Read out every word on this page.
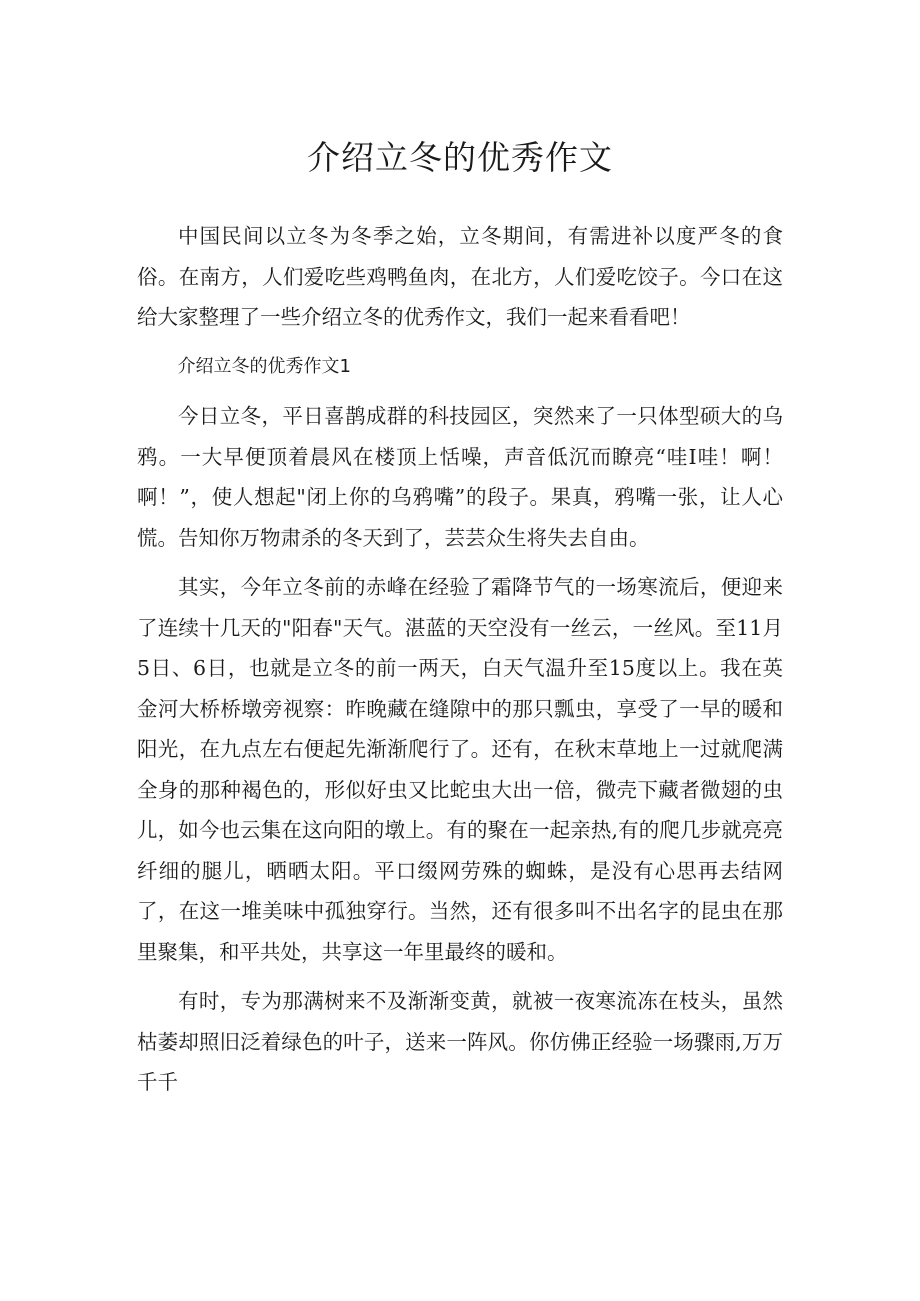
介绍立冬的优秀作文

中国民间以立冬为冬季之始，立冬期间，有需进补以度严冬的食俗。在南方，人们爱吃些鸡鸭鱼肉，在北方，人们爱吃饺子。今口在这给大家整理了一些介绍立冬的优秀作文，我们一起来看看吧！

介绍立冬的优秀作文1

今日立冬，平日喜鹊成群的科技园区，突然来了一只体型硕大的乌鸦。一大早便顶着晨风在楼顶上恬噪，声音低沉而瞭亮“哇I哇！啊！啊！”，使人想起"闭上你的乌鸦嘴”的段子。果真，鸦嘴一张，让人心慌。告知你万物肃杀的冬天到了，芸芸众生将失去自由。

其实，今年立冬前的赤峰在经验了霜降节气的一场寒流后，便迎来了连续十几天的"阳春"天气。湛蓝的天空没有一丝云，一丝风。至11月5日、6日，也就是立冬的前一两天，白天气温升至15度以上。我在英金河大桥桥墩旁视察：昨晚藏在缝隙中的那只瓢虫，享受了一早的暖和阳光，在九点左右便起先渐渐爬行了。还有，在秋末草地上一过就爬满全身的那种褐色的，形似好虫又比蛇虫大出一倍，微壳下藏者微翅的虫儿，如今也云集在这向阳的墩上。有的聚在一起亲热,有的爬几步就亮亮纤细的腿儿，晒晒太阳。平口缀网劳殊的蜘蛛，是没有心思再去结网了，在这一堆美味中孤独穿行。当然，还有很多叫不出名字的昆虫在那里聚集，和平共处，共享这一年里最终的暖和。

有时，专为那满树来不及渐渐变黄，就被一夜寒流冻在枝头，虽然枯萎却照旧泛着绿色的叶子，送来一阵风。你仿佛正经验一场骤雨,万万千千
